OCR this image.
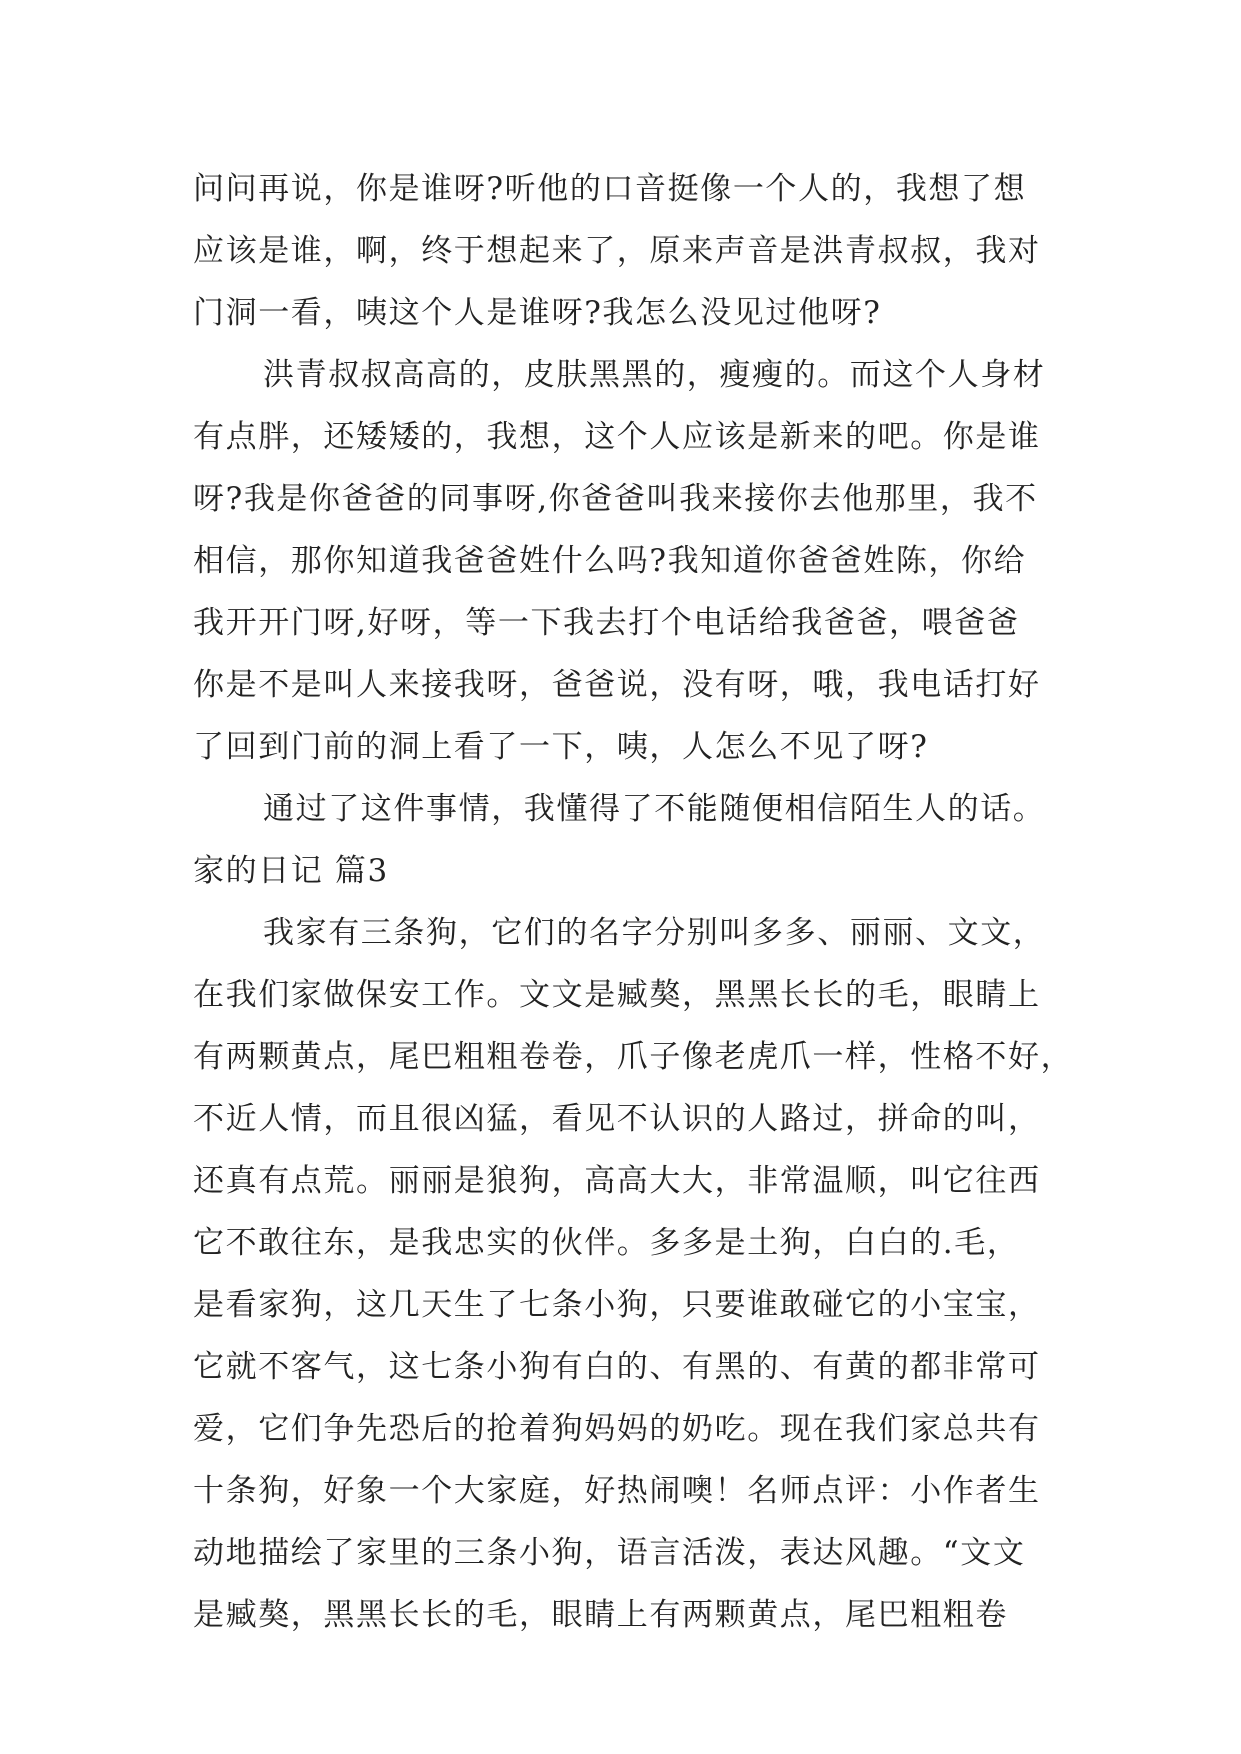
问问再说，你是谁呀?听他的口音挺像一个人的，我想了想
应该是谁，啊，终于想起来了，原来声音是洪青叔叔，我对
门洞一看，咦这个人是谁呀?我怎么没见过他呀?
洪青叔叔高高的，皮肤黑黑的，瘦瘦的。而这个人身材
有点胖，还矮矮的，我想，这个人应该是新来的吧。你是谁
呀?我是你爸爸的同事呀,你爸爸叫我来接你去他那里，我不
相信，那你知道我爸爸姓什么吗?我知道你爸爸姓陈，你给
我开开门呀,好呀，等一下我去打个电话给我爸爸，喂爸爸
你是不是叫人来接我呀，爸爸说，没有呀，哦，我电话打好
了回到门前的洞上看了一下，咦，人怎么不见了呀?
通过了这件事情，我懂得了不能随便相信陌生人的话。
家的日记 篇3
我家有三条狗，它们的名字分别叫多多、丽丽、文文，
在我们家做保安工作。文文是臧獒，黑黑长长的毛，眼睛上
有两颗黄点，尾巴粗粗卷卷，爪子像老虎爪一样，性格不好，
不近人情，而且很凶猛，看见不认识的人路过，拼命的叫，
还真有点荒。丽丽是狼狗，高高大大，非常温顺，叫它往西
它不敢往东，是我忠实的伙伴。多多是土狗，白白的.毛，
是看家狗，这几天生了七条小狗，只要谁敢碰它的小宝宝，
它就不客气，这七条小狗有白的、有黑的、有黄的都非常可
爱，它们争先恐后的抢着狗妈妈的奶吃。现在我们家总共有
十条狗，好象一个大家庭，好热闹噢！名师点评：小作者生
动地描绘了家里的三条小狗，语言活泼，表达风趣。“文文
是臧獒，黑黑长长的毛，眼睛上有两颗黄点，尾巴粗粗卷
